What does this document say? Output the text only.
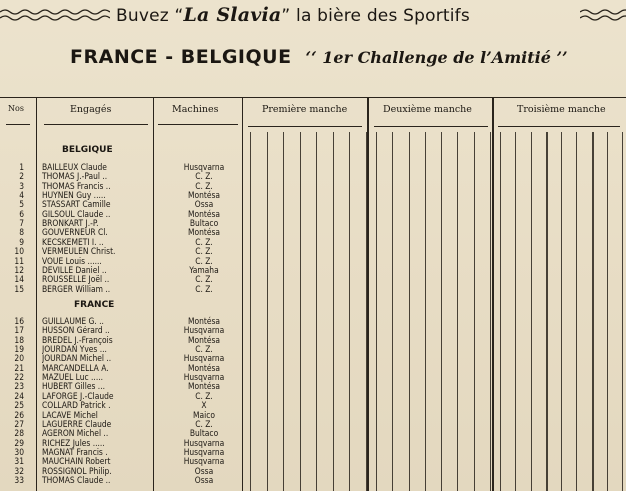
Buvez “La Slavia” la bière des Sportifs
FRANCE - BELGIQUE ‘‘ 1er Challenge de l’Amitié ’’
Nos	Engagés	Machines	Première manche	Deuxième manche	Troisième manche
BELGIQUE
FRANCE
1 BAILLEUX Claude	Husqvarna
2 THOMAS J.-Paul ..	C. Z.
3 THOMAS Francis ..	C. Z.
4 HUYNEN Guy .....	Montésa
5 STASSART Camille	Ossa
6 GILSOUL Claude ..	Montésa
7 BRONKART J.-P.	Bultaco
8 GOUVERNEUR Cl.	Montésa
9 KECSKEMETI I. ..	C. Z.
10 VERMEULEN Christ.	C. Z.
11 VOUE Louis ......	C. Z.
12 DEVILLÉ Daniel ..	Yamaha
14 ROUSSELLE Joël ..	C. Z.
15 BERGER William ..	C. Z.
16 GUILLAUME G. ..	Montésa
17 HUSSON Gérard ..	Husqvarna
18 BREDEL J.-François	Montésa
19 JOURDAN Yves ...	C. Z.
20 JOURDAN Michel ..	Husqvarna
21 MARCANDELLA A.	Montésa
22 MAZUEL Luc .....	Husqvarna
23 HUBERT Gilles ...	Montésa
24 LAFORGE J.-Claude	C. Z.
25 COLLARD Patrick .	X
26 LACAVE Michel	Maico
27 LAGUERRE Claude	C. Z.
28 AGERON Michel ..	Bultaco
29 RICHEZ Jules .....	Husqvarna
30 MAGNAT Francis .	Husqvarna
31 MAUCHAIN Robert	Husqvarna
32 ROSSIGNOL Philip.	Ossa
33 THOMAS Claude ..	Ossa
